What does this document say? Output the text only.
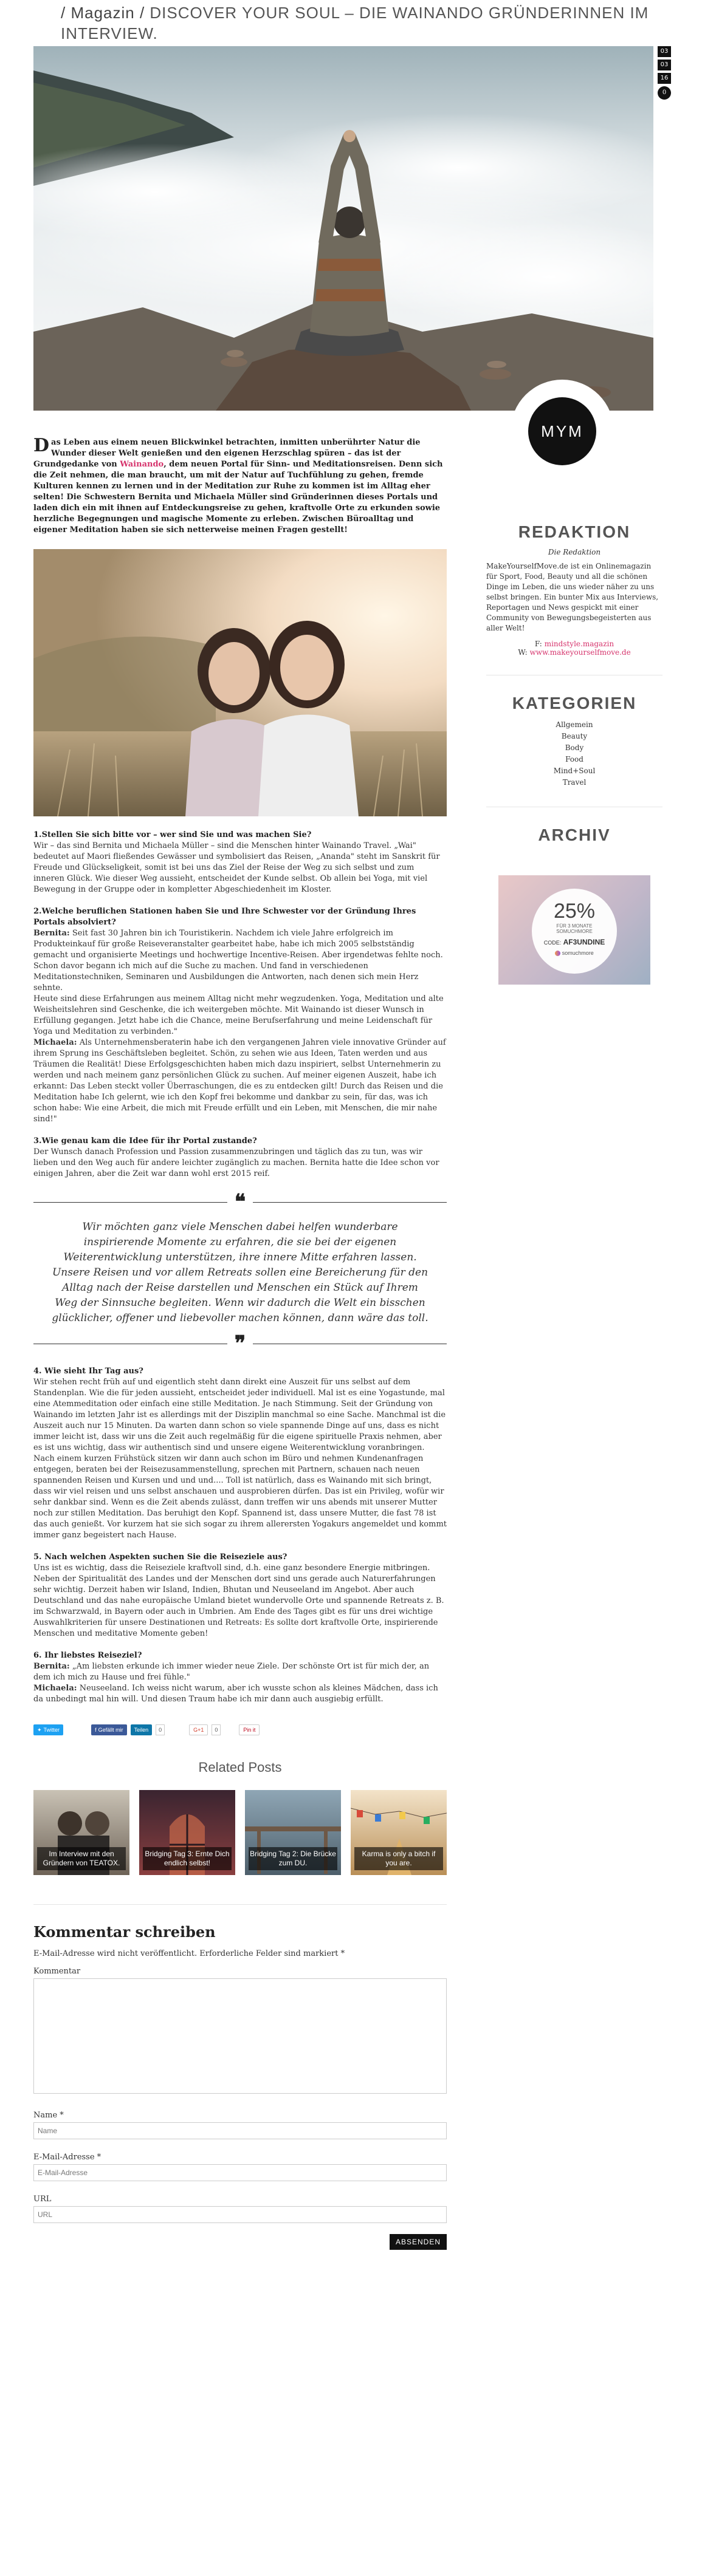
/ Magazin / DISCOVER YOUR SOUL – DIE WAINANDO GRÜNDERINNEN IM
INTERVIEW.
03
03
16
0
MYM

Das Leben aus einem neuen Blickwinkel betrachten, inmitten unberührter Natur die Wunder dieser Welt genießen und den eigenen Herzschlag spüren – das ist der Grundgedanke von Wainando, dem neuen Portal für Sinn- und Meditationsreisen. Denn sich die Zeit nehmen, die man braucht, um mit der Natur auf Tuchfühlung zu gehen, fremde Kulturen kennen zu lernen und in der Meditation zur Ruhe zu kommen ist im Alltag eher selten! Die Schwestern Bernita und Michaela Müller sind Gründerinnen dieses Portals und laden dich ein mit ihnen auf Entdeckungsreise zu gehen, kraftvolle Orte zu erkunden sowie herzliche Begegnungen und magische Momente zu erleben. Zwischen Büroalltag und eigener Meditation haben sie sich netterweise meinen Fragen gestellt!

1.Stellen Sie sich bitte vor – wer sind Sie und was machen Sie?

Wir – das sind Bernita und Michaela Müller – sind die Menschen hinter Wainando Travel. „Wai" bedeutet auf Maori fließendes Gewässer und symbolisiert das Reisen, „Ananda" steht im Sanskrit für Freude und Glückseligkeit, somit ist bei uns das Ziel der Reise der Weg zu sich selbst und zum inneren Glück. Wie dieser Weg aussieht, entscheidet der Kunde selbst. Ob allein bei Yoga, mit viel Bewegung in der Gruppe oder in kompletter Abgeschiedenheit im Kloster.

2.Welche beruflichen Stationen haben Sie und Ihre Schwester vor der Gründung Ihres Portals absolviert?

Bernita: Seit fast 30 Jahren bin ich Touristikerin. Nachdem ich viele Jahre erfolgreich im Produkteinkauf für große Reiseveranstalter gearbeitet habe, habe ich mich 2005 selbstständig gemacht und organisierte Meetings und hochwertige Incentive-Reisen. Aber irgendetwas fehlte noch. Schon davor begann ich mich auf die Suche zu machen. Und fand in verschiedenen Meditationstechniken, Seminaren und Ausbildungen die Antworten, nach denen sich mein Herz sehnte.

Heute sind diese Erfahrungen aus meinem Alltag nicht mehr wegzudenken. Yoga, Meditation und alte Weisheitslehren sind Geschenke, die ich weitergeben möchte. Mit Wainando ist dieser Wunsch in Erfüllung gegangen. Jetzt habe ich die Chance, meine Berufserfahrung und meine Leidenschaft für Yoga und Meditation zu verbinden."

Michaela: Als Unternehmensberaterin habe ich den vergangenen Jahren viele innovative Gründer auf ihrem Sprung ins Geschäftsleben begleitet. Schön, zu sehen wie aus Ideen, Taten werden und aus Träumen die Realität! Diese Erfolgsgeschichten haben mich dazu inspiriert, selbst Unternehmerin zu werden und nach meinem ganz persönlichen Glück zu suchen. Auf meiner eigenen Auszeit, habe ich erkannt: Das Leben steckt voller Überraschungen, die es zu entdecken gilt! Durch das Reisen und die Meditation habe Ich gelernt, wie ich den Kopf frei bekomme und dankbar zu sein, für das, was ich schon habe: Wie eine Arbeit, die mich mit Freude erfüllt und ein Leben, mit Menschen, die mir nahe sind!"

3.Wie genau kam die Idee für ihr Portal zustande?

Der Wunsch danach Profession und Passion zusammenzubringen und täglich das zu tun, was wir lieben und den Weg auch für andere leichter zugänglich zu machen. Bernita hatte die Idee schon vor einigen Jahren, aber die Zeit war dann wohl erst 2015 reif.

❝

Wir möchten ganz viele Menschen dabei helfen wunderbare inspirierende Momente zu erfahren, die sie bei der eigenen Weiterentwicklung unterstützen, ihre innere Mitte erfahren lassen. Unsere Reisen und vor allem Retreats sollen eine Bereicherung für den Alltag nach der Reise darstellen und Menschen ein Stück auf Ihrem Weg der Sinnsuche begleiten. Wenn wir dadurch die Welt ein bisschen glücklicher, offener und liebevoller machen können, dann wäre das toll.

❞

4. Wie sieht Ihr Tag aus?

Wir stehen recht früh auf und eigentlich steht dann direkt eine Auszeit für uns selbst auf dem Standenplan. Wie die für jeden aussieht, entscheidet jeder individuell. Mal ist es eine Yogastunde, mal eine Atemmeditation oder einfach eine stille Meditation. Je nach Stimmung. Seit der Gründung von Wainando im letzten Jahr ist es allerdings mit der Disziplin manchmal so eine Sache. Manchmal ist die Auszeit auch nur 15 Minuten. Da warten dann schon so viele spannende Dinge auf uns, dass es nicht immer leicht ist, dass wir uns die Zeit auch regelmäßig für die eigene spirituelle Praxis nehmen, aber es ist uns wichtig, dass wir authentisch sind und unsere eigene Weiterentwicklung voranbringen. Nach einem kurzen Frühstück sitzen wir dann auch schon im Büro und nehmen Kundenanfragen entgegen, beraten bei der Reisezusammenstellung, sprechen mit Partnern, schauen nach neuen spannenden Reisen und Kursen und und und.... Toll ist natürlich, dass es Wainando mit sich bringt, dass wir viel reisen und uns selbst anschauen und ausprobieren dürfen. Das ist ein Privileg, wofür wir sehr dankbar sind. Wenn es die Zeit abends zulässt, dann treffen wir uns abends mit unserer Mutter noch zur stillen Meditation. Das beruhigt den Kopf. Spannend ist, dass unsere Mutter, die fast 78 ist das auch genießt. Vor kurzem hat sie sich sogar zu ihrem allerersten Yogakurs angemeldet und kommt immer ganz begeistert nach Hause.

5. Nach welchen Aspekten suchen Sie die Reiseziele aus?

Uns ist es wichtig, dass die Reiseziele kraftvoll sind, d.h. eine ganz besondere Energie mitbringen. Neben der Spiritualität des Landes und der Menschen dort sind uns gerade auch Naturerfahrungen sehr wichtig. Derzeit haben wir Island, Indien, Bhutan und Neuseeland im Angebot. Aber auch Deutschland und das nahe europäische Umland bietet wundervolle Orte und spannende Retreats z. B. im Schwarzwald, in Bayern oder auch in Umbrien. Am Ende des Tages gibt es für uns drei wichtige Auswahlkriterien für unsere Destinationen und Retreats: Es sollte dort kraftvolle Orte, inspirierende Menschen und meditative Momente geben!

6. Ihr liebstes Reiseziel?

Bernita: „Am liebsten erkunde ich immer wieder neue Ziele. Der schönste Ort ist für mich der, an dem ich mich zu Hause und frei fühle."

Michaela: Neuseeland. Ich weiss nicht warum, aber ich wusste schon als kleines Mädchen, dass ich da unbedingt mal hin will. Und diesen Traum habe ich mir dann auch ausgiebig erfüllt.

✦ Twitter	f Gefällt mir Teilen	0	G+1	0	Pin it
Related Posts
Im Interview mit den Gründern von TEATOX.
Bridging Tag 3: Ernte Dich endlich selbst!
Bridging Tag 2: Die Brücke zum DU.
Karma is only a bitch if you are.
Kommentar schreiben

E-Mail-Adresse wird nicht veröffentlicht. Erforderliche Felder sind markiert *

Kommentar

Name *

Name

E-Mail-Adresse *

E-Mail-Adresse

URL

URL
ABSENDEN
REDAKTION

Die Redaktion

MakeYourselfMove.de ist ein Onlinemagazin für Sport, Food, Beauty und all die schönen Dinge im Leben, die uns wieder näher zu uns selbst bringen. Ein bunter Mix aus Interviews, Reportagen und News gespickt mit einer Community von Bewegungsbegeisterten aus aller Welt!

F: mindstyle.magazin

W: www.makeyourselfmove.de

KATEGORIEN
Allgemein
Beauty
Body
Food
Mind+Soul
Travel
ARCHIV
25%
FÜR 3 MONATE
SOMUCHMORE
CODE: AF3UNDINE
somuchmore
